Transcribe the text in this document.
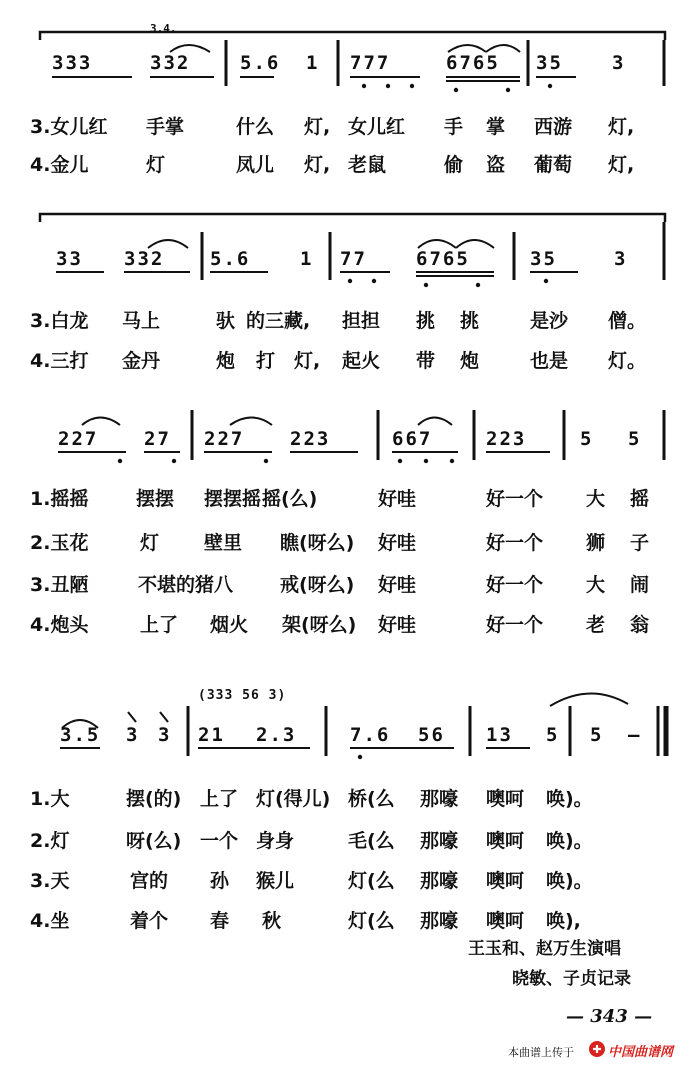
3.4.
333	332	5.6 1 777	6765 35	3
3.女儿红 手掌	什么 灯, 女儿红 手 掌 西游 灯,
4.金儿	灯	凤儿 灯, 老鼠	偷 盗 葡萄 灯,
33 332 5.6	1 77	6765	35	3
3.白龙 马上	驮 的三藏, 担担 挑 挑	是沙 僧。
4.三打 金丹	炮 打 灯, 起火 带 炮	也是 灯。
227 27 227 223	667	223	5 5
1.摇摇	摆摆 摆摆摇 摇(么)	好哇	好一个 大 摇
2.玉花	灯 壁里 瞧(呀么) 好哇	好一个 狮 子
3.丑陋	不堪的猪八 戒(呀么) 好哇	好一个 大 闹
4.炮头	上了 烟火 架(呀么) 好哇	好一个 老 翁
(333 56 3)
3.5 3 3 21 2.3	7.6 56 13 5 5 —
1.大	摆(的) 上了 灯(得儿) 桥(么 那嚎 噢呵 唤)。
2.灯	呀(么) 一个 身身	毛(么 那嚎 噢呵 唤)。
3.天	宫的 孙 猴儿	灯(么 那嚎 噢呵 唤)。
4.坐	着个 春 秋	灯(么 那嚎 噢呵 唤),
王玉和、赵万生演唱
晓敏、子贞记录
— 343 —
本曲谱上传于	中国曲谱网
